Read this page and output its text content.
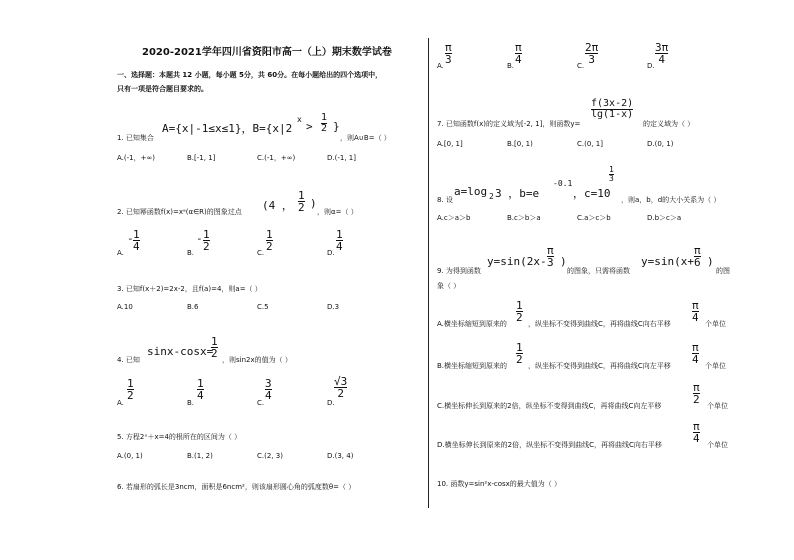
2020-2021学年四川省资阳市高一（上）期末数学试卷
一、选择题：本题共 12 小题，每小题 5分，共 60分。在每小题给出的四个选项中，
只有一项是符合题目要求的。
1. 已知集合
A={x|-1≤x≤1}，B={x|2
x
>
1
2 }
，则A∪B=（ ）
A.(-1，+∞)	B.[-1, 1]	C.(-1，+∞)	D.(-1, 1]
2. 已知幂函数f(x)=xᵃ(α∈R)的图象过点 (4 ，
1
2 )
，则α=（ ）
A.
- 1
4	B.
- 1
2	C.
1
2	D.
1
4
3. 已知f(x＋2)=2x-2，且f(a)=4，则a=（ ）
A.10	B.6	C.5	D.3
4. 已知
sinx-cosx=
1
2 ，则sin2x的值为（ ）
A.
1
2
B.
1
4
C.
3
4
D.
√3
2
5. 方程2ˣ＋x=4的根所在的区间为（ ）
A.(0, 1)	B.(1, 2)	C.(2, 3)	D.(3, 4)
6. 若扇形的弧长是3ncm，面积是6ncm²，则该扇形圆心角的弧度数θ=（ ）
A.
π
3	B.
π
4	C.
2π
3	D.
3π
4
7. 已知函数f(x)的定义域为[-2, 1]，则函数y=
f(3x-2)
lg(1-x)
的定义域为（ ）
A.[0, 1]	B.[0, 1)	C.(0, 1]	D.(0, 1)
8. 设
a=log 2 3 ，b=e
-0.1
，c=10
1
3
，则a，b，d的大小关系为（ ）
A.c＞a＞b	B.c＞b＞a	C.a＞c＞b	D.b＞c＞a
9. 为得到函数
y=sin(2x-
π
3 )
的图象，只需将函数
y=sin(x+
π
6 )
的图
象（ ）
A.横坐标缩短到原来的
1
2 ，纵坐标不变得到曲线C，再将曲线C向右平移
π
4 个单位
B.横坐标缩短到原来的
1
2 ，纵坐标不变得到曲线C，再将曲线C向左平移
π
4 个单位
C.横坐标伸长到原来的2倍，纵坐标不变得到曲线C，再将曲线C向左平移
π
2 个单位
D.横坐标伸长到原来的2倍，纵坐标不变得到曲线C，再将曲线C向右平移
π
4 个单位
10. 函数y=sin²x-cosx的最大值为（ ）
